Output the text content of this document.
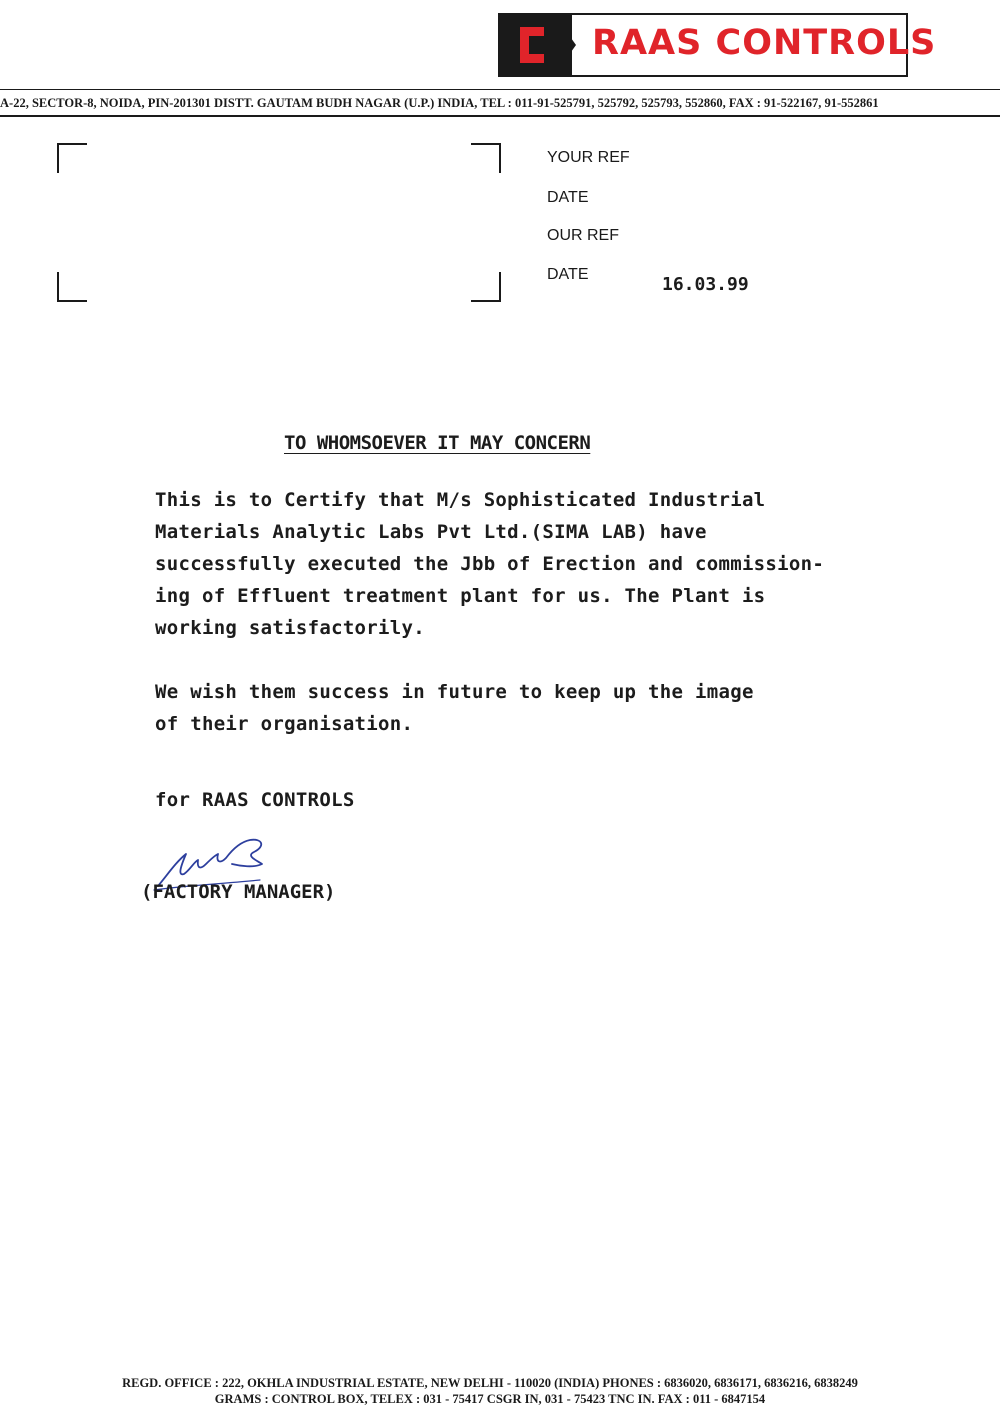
RAAS CONTROLS
A-22, SECTOR-8, NOIDA, PIN-201301 DISTT. GAUTAM BUDH NAGAR (U.P.) INDIA, TEL : 011-91-525791, 525792, 525793, 552860, FAX : 91-522167, 91-552861
YOUR REF
DATE
OUR REF
DATE	16.03.99
TO WHOMSOEVER IT MAY CONCERN
This is to Certify that M/s Sophisticated Industrial
Materials Analytic Labs Pvt Ltd.(SIMA LAB) have
successfully executed the Jbb of Erection and commission-
ing of Effluent treatment plant for us. The Plant is
working satisfactorily.
We wish them success in future to keep up the image
of their organisation.
for RAAS CONTROLS
(FACTORY MANAGER)
REGD. OFFICE : 222, OKHLA INDUSTRIAL ESTATE, NEW DELHI - 110020 (INDIA) PHONES : 6836020, 6836171, 6836216, 6838249
GRAMS : CONTROL BOX, TELEX : 031 - 75417 CSGR IN, 031 - 75423 TNC IN. FAX : 011 - 6847154
